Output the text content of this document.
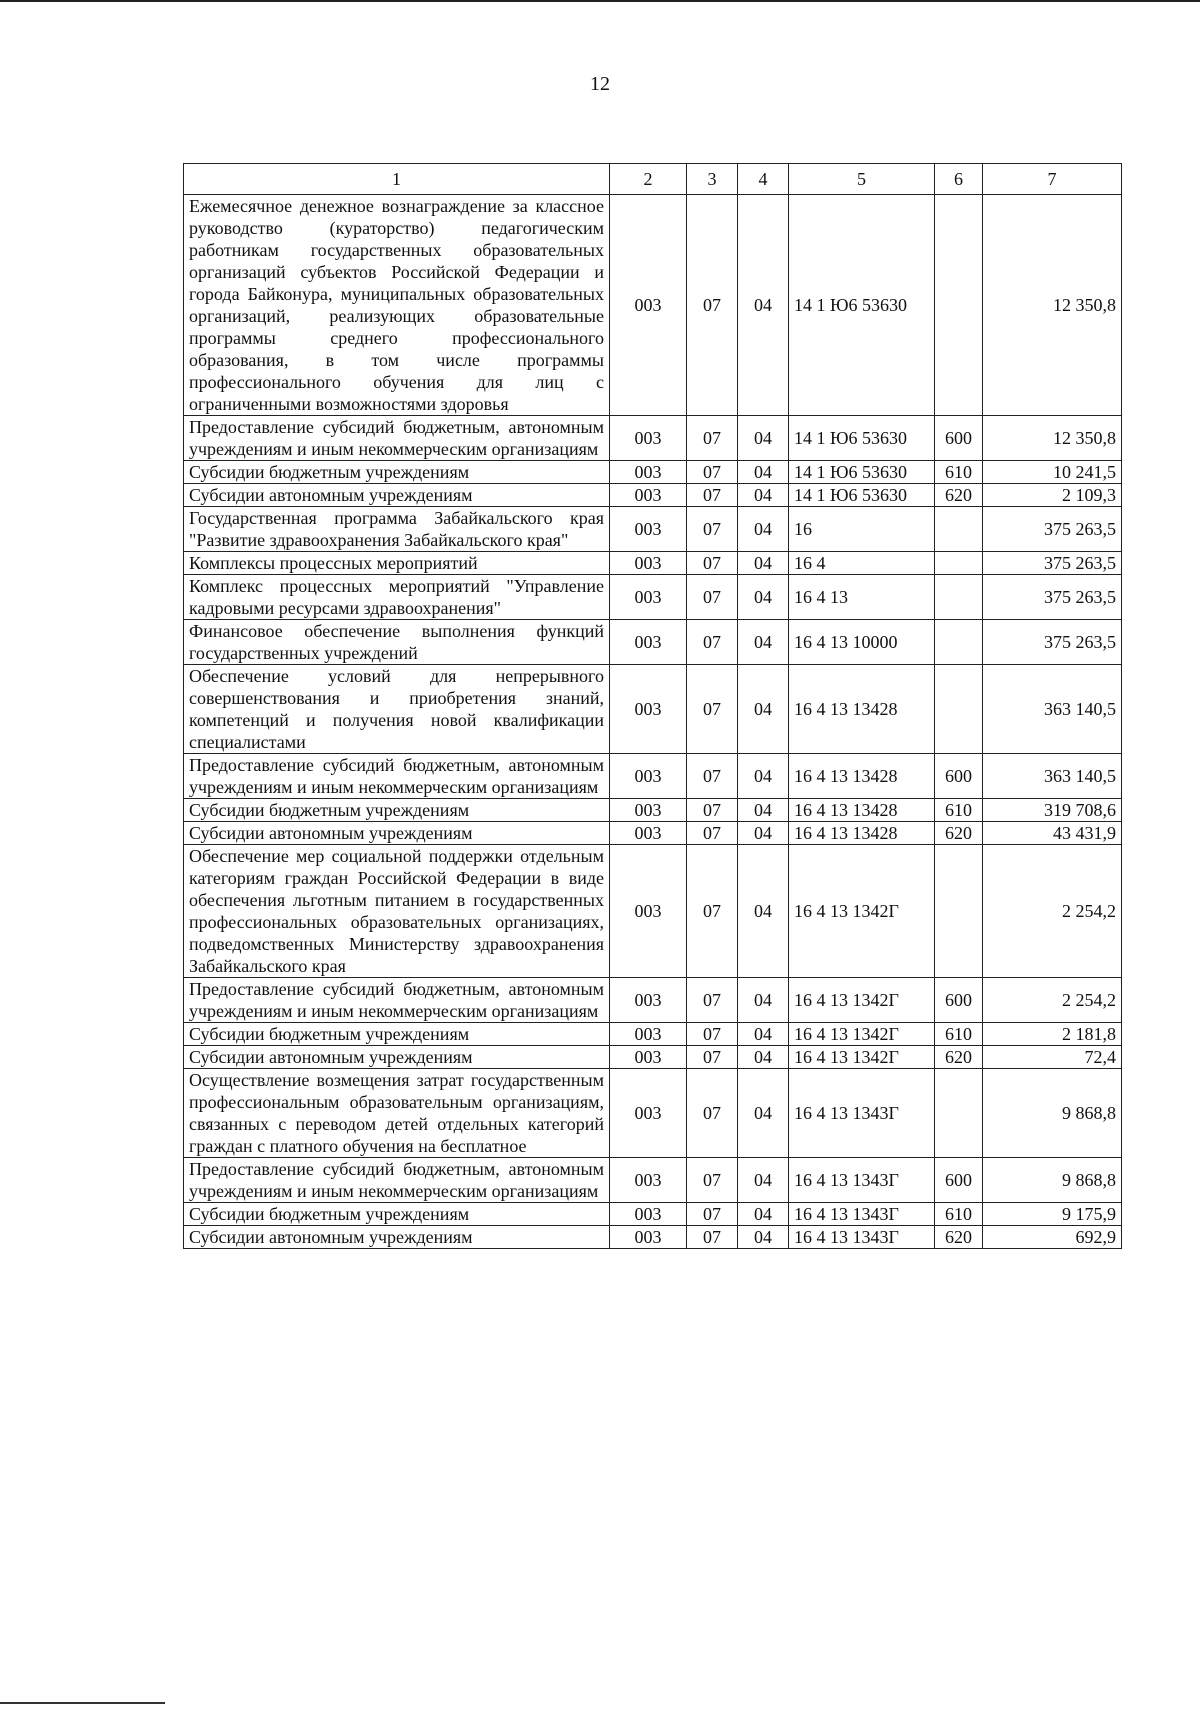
12
1	2	3	4	5	6	7
Ежемесячное денежное вознаграждение за классное руководство (кураторство) педагогическим работникам государственных образовательных организаций субъектов Российской Федерации и города Байконура, муниципальных образовательных организаций, реализующих образовательные программы среднего профессионального образования, в том числе программы профессионального обучения для лиц с ограниченными возможностями здоровья	003	07	04	14 1 Ю6 53630		12 350,8
Предоставление субсидий бюджетным, автономным учреждениям и иным некоммерческим организациям	003	07	04	14 1 Ю6 53630	600	12 350,8
Субсидии бюджетным учреждениям	003	07	04	14 1 Ю6 53630	610	10 241,5
Субсидии автономным учреждениям	003	07	04	14 1 Ю6 53630	620	2 109,3
Государственная программа Забайкальского края "Развитие здравоохранения Забайкальского края"	003	07	04	16		375 263,5
Комплексы процессных мероприятий	003	07	04	16 4		375 263,5
Комплекс процессных мероприятий "Управление кадровыми ресурсами здравоохранения"	003	07	04	16 4 13		375 263,5
Финансовое обеспечение выполнения функций государственных учреждений	003	07	04	16 4 13 10000		375 263,5
Обеспечение условий для непрерывного совершенствования и приобретения знаний, компетенций и получения новой квалификации специалистами	003	07	04	16 4 13 13428		363 140,5
Предоставление субсидий бюджетным, автономным учреждениям и иным некоммерческим организациям	003	07	04	16 4 13 13428	600	363 140,5
Субсидии бюджетным учреждениям	003	07	04	16 4 13 13428	610	319 708,6
Субсидии автономным учреждениям	003	07	04	16 4 13 13428	620	43 431,9
Обеспечение мер социальной поддержки отдельным категориям граждан Российской Федерации в виде обеспечения льготным питанием в государственных профессиональных образовательных организациях, подведомственных Министерству здравоохранения Забайкальского края	003	07	04	16 4 13 1342Г		2 254,2
Предоставление субсидий бюджетным, автономным учреждениям и иным некоммерческим организациям	003	07	04	16 4 13 1342Г	600	2 254,2
Субсидии бюджетным учреждениям	003	07	04	16 4 13 1342Г	610	2 181,8
Субсидии автономным учреждениям	003	07	04	16 4 13 1342Г	620	72,4
Осуществление возмещения затрат государственным профессиональным образовательным организациям, связанных с переводом детей отдельных категорий граждан с платного обучения на бесплатное	003	07	04	16 4 13 1343Г		9 868,8
Предоставление субсидий бюджетным, автономным учреждениям и иным некоммерческим организациям	003	07	04	16 4 13 1343Г	600	9 868,8
Субсидии бюджетным учреждениям	003	07	04	16 4 13 1343Г	610	9 175,9
Субсидии автономным учреждениям	003	07	04	16 4 13 1343Г	620	692,9
